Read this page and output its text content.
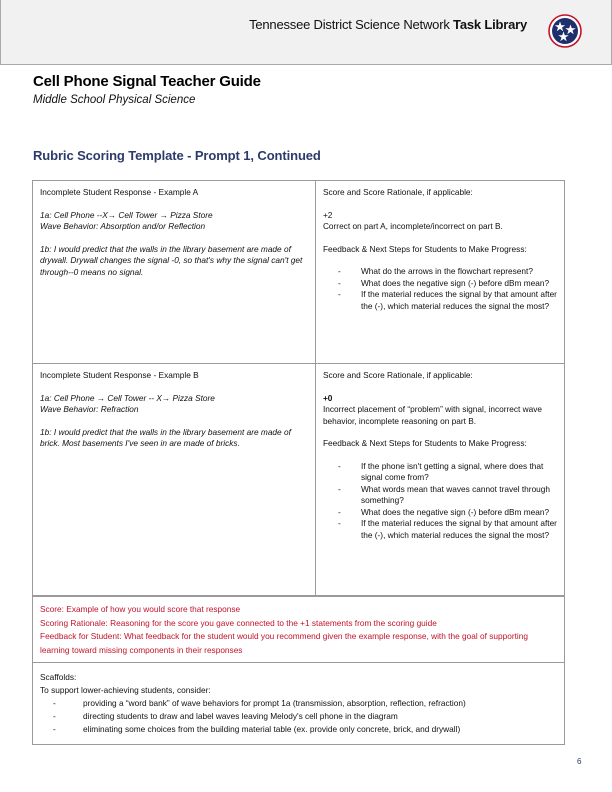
Tennessee District Science Network Task Library
Cell Phone Signal Teacher Guide
Middle School Physical Science
Rubric Scoring Template - Prompt 1, Continued
Incomplete Student Response - Example A
1a: Cell Phone --X→ Cell Tower → Pizza Store
Wave Behavior: Absorption and/or Reflection
1b: I would predict that the walls in the library basement are made of drywall. Drywall changes the signal -0, so that's why the signal can't get through--0 means no signal.
Score and Score Rationale, if applicable:
+2
Correct on part A, incomplete/incorrect on part B.
Feedback & Next Steps for Students to Make Progress:
- What do the arrows in the flowchart represent?
- What does the negative sign (-) before dBm mean?
- If the material reduces the signal by that amount after the (-), which material reduces the signal the most?
Incomplete Student Response - Example B
1a: Cell Phone → Cell Tower -- X→ Pizza Store
Wave Behavior: Refraction
1b: I would predict that the walls in the library basement are made of brick. Most basements I've seen in are made of bricks.
Score and Score Rationale, if applicable:
+0
Incorrect placement of “problem” with signal, incorrect wave behavior, incomplete reasoning on part B.
Feedback & Next Steps for Students to Make Progress:
- If the phone isn't getting a signal, where does that signal come from?
- What words mean that waves cannot travel through something?
- What does the negative sign (-) before dBm mean?
- If the material reduces the signal by that amount after the (-), which material reduces the signal the most?
Score: Example of how you would score that response
Scoring Rationale: Reasoning for the score you gave connected to the +1 statements from the scoring guide
Feedback for Student: What feedback for the student would you recommend given the example response, with the goal of supporting learning toward missing components in their responses
Scaffolds:
To support lower-achieving students, consider:
- providing a “word bank” of wave behaviors for prompt 1a (transmission, absorption, reflection, refraction)
- directing students to draw and label waves leaving Melody's cell phone in the diagram
- eliminating some choices from the building material table (ex. provide only concrete, brick, and drywall)
6
